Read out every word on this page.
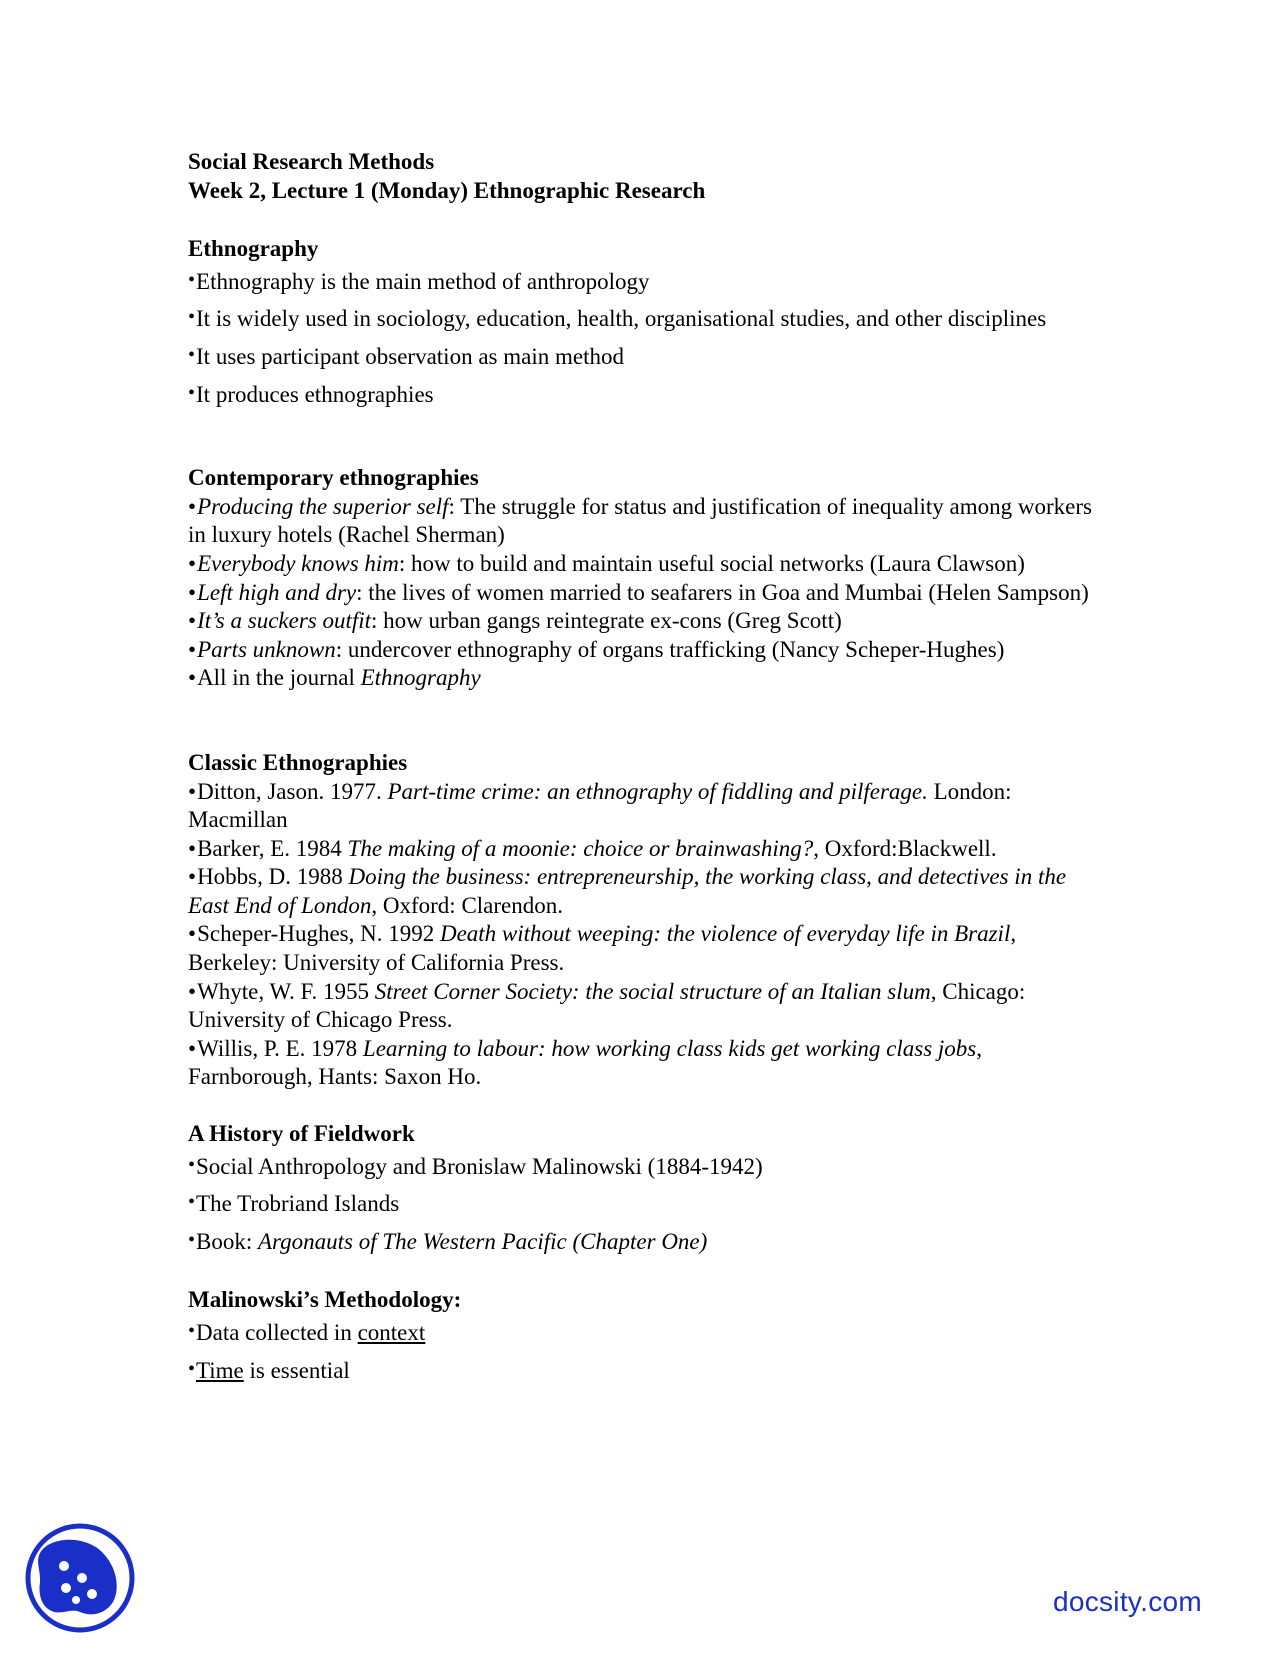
Social Research Methods
Week 2, Lecture 1 (Monday) Ethnographic Research
Ethnography
•Ethnography is the main method of anthropology
•It is widely used in sociology, education, health, organisational studies, and other disciplines
•It uses participant observation as main method
•It produces ethnographies
Contemporary ethnographies
•Producing the superior self: The struggle for status and justification of inequality among workers in luxury hotels (Rachel Sherman)
•Everybody knows him: how to build and maintain useful social networks (Laura Clawson)
•Left high and dry: the lives of women married to seafarers in Goa and Mumbai (Helen Sampson)
•It’s a suckers outfit: how urban gangs reintegrate ex-cons (Greg Scott)
•Parts unknown: undercover ethnography of organs trafficking (Nancy Scheper-Hughes)
•All in the journal Ethnography
Classic Ethnographies
•Ditton, Jason. 1977. Part-time crime: an ethnography of fiddling and pilferage. London: Macmillan
•Barker, E. 1984 The making of a moonie: choice or brainwashing?, Oxford:Blackwell.
•Hobbs, D. 1988 Doing the business: entrepreneurship, the working class, and detectives in the East End of London, Oxford: Clarendon.
•Scheper-Hughes, N. 1992 Death without weeping: the violence of everyday life in Brazil, Berkeley: University of California Press.
•Whyte, W. F. 1955 Street Corner Society: the social structure of an Italian slum, Chicago: University of Chicago Press.
•Willis, P. E. 1978 Learning to labour: how working class kids get working class jobs, Farnborough, Hants: Saxon Ho.
A History of Fieldwork
•Social Anthropology and Bronislaw Malinowski (1884-1942)
•The Trobriand Islands
•Book: Argonauts of The Western Pacific (Chapter One)
Malinowski’s Methodology:
•Data collected in context
•Time is essential
docsity.com
